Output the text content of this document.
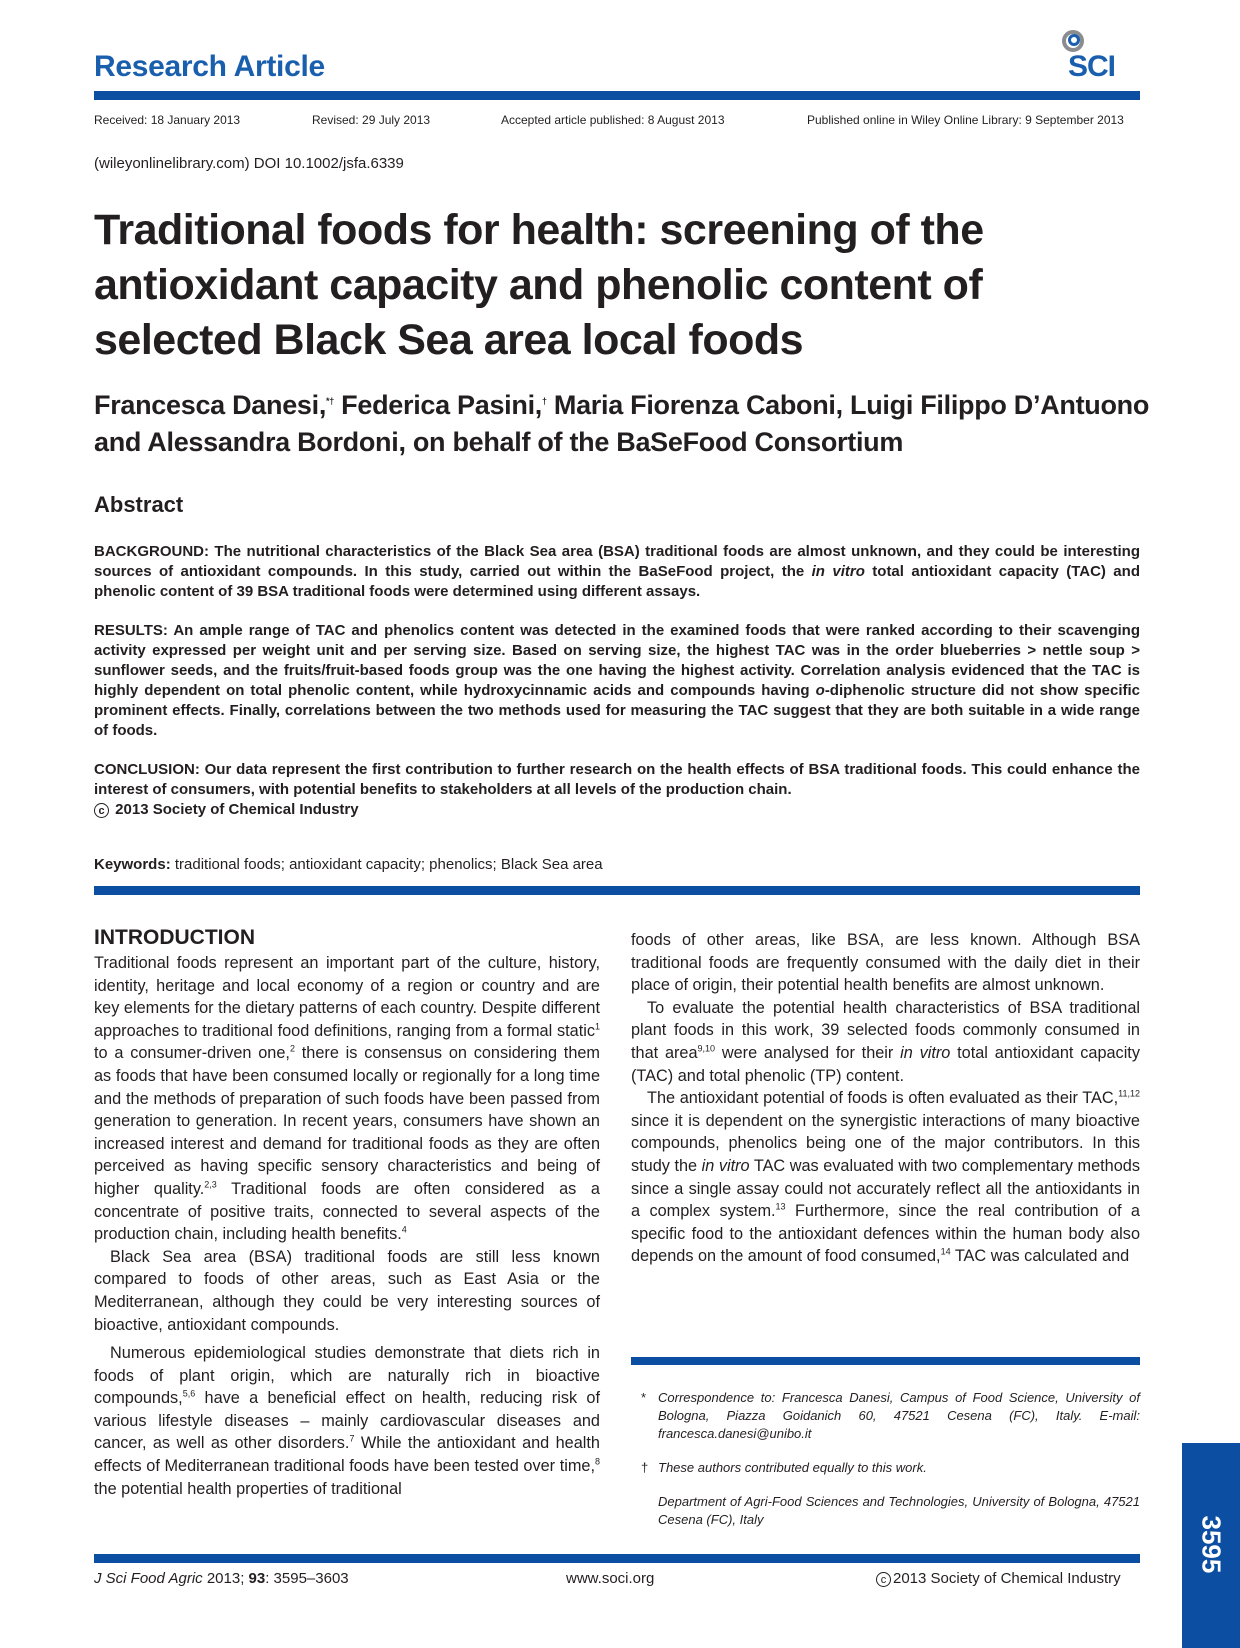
Research Article	SCI
Received: 18 January 2013	Revised: 29 July 2013	Accepted article published: 8 August 2013	Published online in Wiley Online Library: 9 September 2013
(wileyonlinelibrary.com) DOI 10.1002/jsfa.6339
Traditional foods for health: screening of the antioxidant capacity and phenolic content of selected Black Sea area local foods
Francesca Danesi,*† Federica Pasini,† Maria Fiorenza Caboni, Luigi Filippo D’Antuono and Alessandra Bordoni, on behalf of the BaSeFood Consortium
Abstract
BACKGROUND: The nutritional characteristics of the Black Sea area (BSA) traditional foods are almost unknown, and they could be interesting sources of antioxidant compounds. In this study, carried out within the BaSeFood project, the in vitro total antioxidant capacity (TAC) and phenolic content of 39 BSA traditional foods were determined using different assays.
RESULTS: An ample range of TAC and phenolics content was detected in the examined foods that were ranked according to their scavenging activity expressed per weight unit and per serving size. Based on serving size, the highest TAC was in the order blueberries > nettle soup > sunflower seeds, and the fruits/fruit-based foods group was the one having the highest activity. Correlation analysis evidenced that the TAC is highly dependent on total phenolic content, while hydroxycinnamic acids and compounds having o-diphenolic structure did not show specific prominent effects. Finally, correlations between the two methods used for measuring the TAC suggest that they are both suitable in a wide range of foods.
CONCLUSION: Our data represent the first contribution to further research on the health effects of BSA traditional foods. This could enhance the interest of consumers, with potential benefits to stakeholders at all levels of the production chain.
c 2013 Society of Chemical Industry
Keywords: traditional foods; antioxidant capacity; phenolics; Black Sea area
INTRODUCTION

Traditional foods represent an important part of the culture, history, identity, heritage and local economy of a region or country and are key elements for the dietary patterns of each country. Despite different approaches to traditional food definitions, ranging from a formal static$^1$ to a consumer-driven one,$^2$ there is consensus on considering them as foods that have been consumed locally or regionally for a long time and the methods of preparation of such foods have been passed from generation to generation. In recent years, consumers have shown an increased interest and demand for traditional foods as they are often perceived as having specific sensory characteristics and being of higher quality.$^{2,3}$ Traditional foods are often considered as a concentrate of positive traits, connected to several aspects of the production chain, including health benefits.$^4$

Black Sea area (BSA) traditional foods are still less known compared to foods of other areas, such as East Asia or the Mediterranean, although they could be very interesting sources of bioactive, antioxidant compounds.

Numerous epidemiological studies demonstrate that diets rich in foods of plant origin, which are naturally rich in bioactive compounds,$^{5,6}$ have a beneficial effect on health, reducing risk of various lifestyle diseases – mainly cardiovascular diseases and cancer, as well as other disorders.$^7$ While the antioxidant and health effects of Mediterranean traditional foods have been tested over time,$^8$ the potential health properties of traditional

foods of other areas, like BSA, are less known. Although BSA traditional foods are frequently consumed with the daily diet in their place of origin, their potential health benefits are almost unknown.

To evaluate the potential health characteristics of BSA traditional plant foods in this work, 39 selected foods commonly consumed in that area$^{9,10}$ were analysed for their in vitro total antioxidant capacity (TAC) and total phenolic (TP) content.

The antioxidant potential of foods is often evaluated as their TAC,$^{11,12}$ since it is dependent on the synergistic interactions of many bioactive compounds, phenolics being one of the major contributors. In this study the in vitro TAC was evaluated with two complementary methods since a single assay could not accurately reflect all the antioxidants in a complex system.$^{13}$ Furthermore, since the real contribution of a specific food to the antioxidant defences within the human body also depends on the amount of food consumed,$^{14}$ TAC was calculated and

* Correspondence to: Francesca Danesi, Campus of Food Science, University of Bologna, Piazza Goidanich 60, 47521 Cesena (FC), Italy. E-mail: francesca.danesi@unibo.it
† These authors contributed equally to this work.
Department of Agri-Food Sciences and Technologies, University of Bologna, 47521 Cesena (FC), Italy	3595
J Sci Food Agric 2013; 93: 3595–3603	www.soci.org	c 2013 Society of Chemical Industry
